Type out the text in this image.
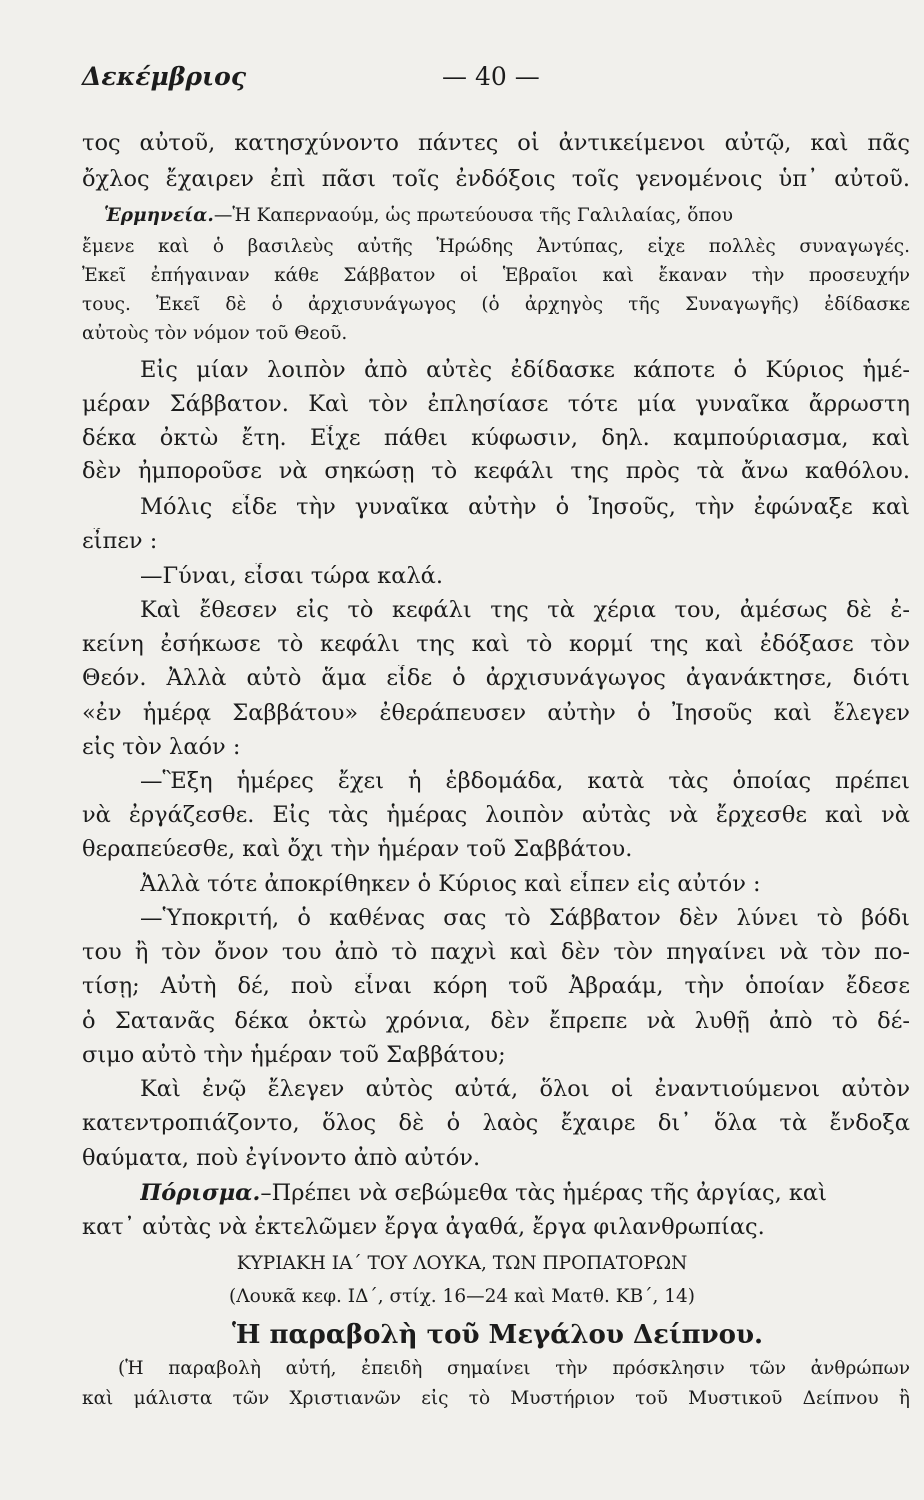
Δεκέμβριος	— 40 —
τος αὐτοῦ, κατησχύνοντο πάντες οἱ ἀντικείμενοι αὐτῷ, καὶ πᾶς
ὄχλος ἔχαιρεν ἐπὶ πᾶσι τοῖς ἐνδόξοις τοῖς γενομένοις ὑπ᾽ αὐτοῦ.
Ἑρμηνεία.—Ἡ Καπερναούμ, ὡς πρωτεύουσα τῆς Γαλιλαίας, ὅπου
ἔμενε καὶ ὁ βασιλεὺς αὐτῆς Ἡρώδης Ἀντύπας, εἶχε πολλὲς συναγωγές.
Ἐκεῖ ἐπήγαιναν κάθε Σάββατον οἱ Ἑβραῖοι καὶ ἔκαναν τὴν προσευχήν
τους. Ἐκεῖ δὲ ὁ ἀρχισυνάγωγος (ὁ ἀρχηγὸς τῆς Συναγωγῆς) ἐδίδασκε
αὐτοὺς τὸν νόμον τοῦ Θεοῦ.
Εἰς μίαν λοιπὸν ἀπὸ αὐτὲς ἐδίδασκε κάποτε ὁ Κύριος ἡμέ-
μέραν Σάββατον. Καὶ τὸν ἐπλησίασε τότε μία γυναῖκα ἄρρωστη
δέκα ὀκτὼ ἔτη. Εἶχε πάθει κύφωσιν, δηλ. καμπούριασμα, καὶ
δὲν ἠμποροῦσε νὰ σηκώσῃ τὸ κεφάλι της πρὸς τὰ ἄνω καθόλου.
Μόλις εἶδε τὴν γυναῖκα αὐτὴν ὁ Ἰησοῦς, τὴν ἐφώναξε καὶ
εἶπεν :
—Γύναι, εἶσαι τώρα καλά.
Καὶ ἔθεσεν εἰς τὸ κεφάλι της τὰ χέρια του, ἀμέσως δὲ ἐ-
κείνη ἐσήκωσε τὸ κεφάλι της καὶ τὸ κορμί της καὶ ἐδόξασε τὸν
Θεόν. Ἀλλὰ αὐτὸ ἅμα εἶδε ὁ ἀρχισυνάγωγος ἀγανάκτησε, διότι
«ἐν ἡμέρᾳ Σαββάτου» ἐθεράπευσεν αὐτὴν ὁ Ἰησοῦς καὶ ἔλεγεν
εἰς τὸν λαόν :
—Ἓξη ἡμέρες ἔχει ἡ ἑβδομάδα, κατὰ τὰς ὁποίας πρέπει
νὰ ἐργάζεσθε. Εἰς τὰς ἡμέρας λοιπὸν αὐτὰς νὰ ἔρχεσθε καὶ νὰ
θεραπεύεσθε, καὶ ὄχι τὴν ἡμέραν τοῦ Σαββάτου.
Ἀλλὰ τότε ἀποκρίθηκεν ὁ Κύριος καὶ εἶπεν εἰς αὐτόν :
—Ὑποκριτή, ὁ καθένας σας τὸ Σάββατον δὲν λύνει τὸ βόδι
του ἢ τὸν ὄνον του ἀπὸ τὸ παχνὶ καὶ δὲν τὸν πηγαίνει νὰ τὸν πο-
τίσῃ; Αὐτὴ δέ, ποὺ εἶναι κόρη τοῦ Ἀβραάμ, τὴν ὁποίαν ἔδεσε
ὁ Σατανᾶς δέκα ὀκτὼ χρόνια, δὲν ἔπρεπε νὰ λυθῇ ἀπὸ τὸ δέ-
σιμο αὐτὸ τὴν ἡμέραν τοῦ Σαββάτου;
Καὶ ἐνῷ ἔλεγεν αὐτὸς αὐτά, ὅλοι οἱ ἐναντιούμενοι αὐτὸν
κατεντροπιάζοντο, ὅλος δὲ ὁ λαὸς ἔχαιρε δι᾽ ὅλα τὰ ἔνδοξα
θαύματα, ποὺ ἐγίνοντο ἀπὸ αὐτόν.
Πόρισμα.–Πρέπει νὰ σεβώμεθα τὰς ἡμέρας τῆς ἀργίας, καὶ
κατ᾽ αὐτὰς νὰ ἐκτελῶμεν ἔργα ἀγαθά, ἔργα φιλανθρωπίας.
ΚΥΡΙΑΚΗ ΙΑ΄ ΤΟΥ ΛΟΥΚΑ, ΤΩΝ ΠΡΟΠΑΤΟΡΩΝ
(Λουκᾶ κεφ. ΙΔ΄, στίχ. 16—24 καὶ Ματθ. ΚΒ΄, 14)
Ἡ παραβολὴ τοῦ Μεγάλου Δείπνου.
(Ἡ παραβολὴ αὐτή, ἐπειδὴ σημαίνει τὴν πρόσκλησιν τῶν ἀνθρώπων
καὶ μάλιστα τῶν Χριστιανῶν εἰς τὸ Μυστήριον τοῦ Μυστικοῦ Δείπνου ἢ
